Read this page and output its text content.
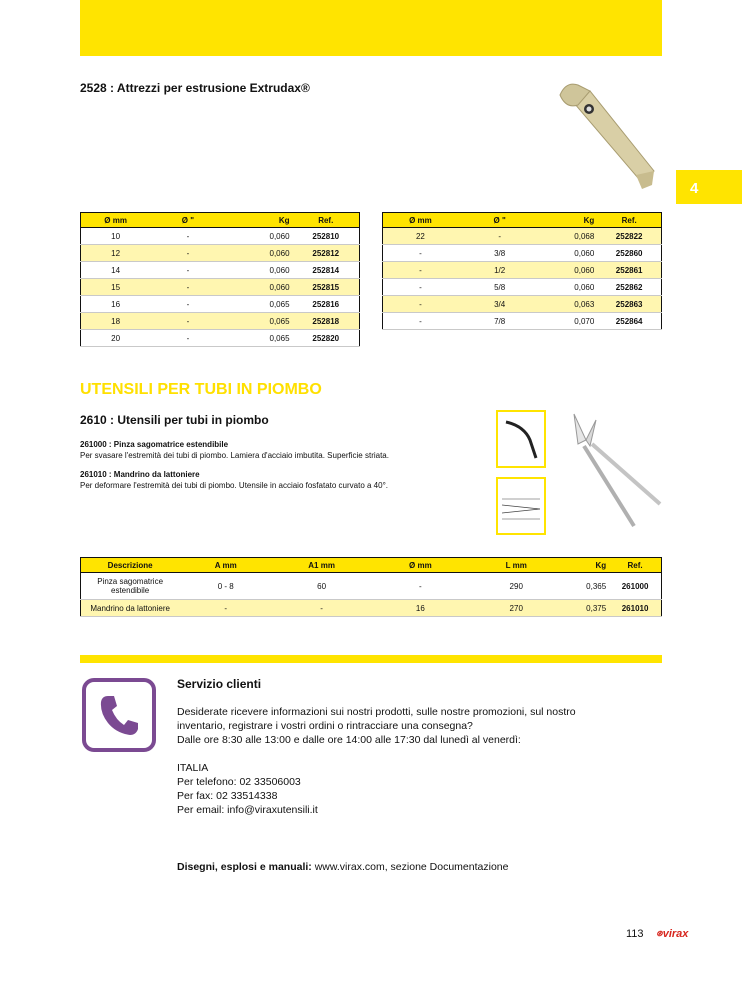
4
2528 : Attrezzi per estrusione Extrudax®
Ø mm	Ø "	Kg	Ref.
10	-	0,060	252810
12	-	0,060	252812
14	-	0,060	252814
15	-	0,060	252815
16	-	0,065	252816
18	-	0,065	252818
20	-	0,065	252820
Ø mm	Ø "	Kg	Ref.
22	-	0,068	252822
-	3/8	0,060	252860
-	1/2	0,060	252861
-	5/8	0,060	252862
-	3/4	0,063	252863
-	7/8	0,070	252864
UTENSILI PER TUBI IN PIOMBO
2610 : Utensili per tubi in piombo
261000 : Pinza sagomatrice estendibile
Per svasare l'estremità dei tubi di piombo. Lamiera d'acciaio imbutita. Superficie striata.
261010 : Mandrino da lattoniere
Per deformare l'estremità dei tubi di piombo. Utensile in acciaio fosfatato curvato a 40°.
Descrizione	A mm	A1 mm	Ø mm	L mm	Kg	Ref.
Pinza sagomatrice estendibile	0 - 8	60	-	290	0,365	261000
Mandrino da lattoniere	-	-	16	270	0,375	261010
Servizio clienti
Desiderate ricevere informazioni sui nostri prodotti, sulle nostre promozioni, sul nostro
inventario, registrare i vostri ordini o rintracciare una consegna?
Dalle ore 8:30 alle 13:00 e dalle ore 14:00 alle 17:30 dal lunedì al venerdì:
ITALIA
Per telefono: 02 33506003
Per fax: 02 33514338
Per email: info@viraxutensili.it
Disegni, esplosi e manuali: www.virax.com, sezione Documentazione
113 ⊛virax
